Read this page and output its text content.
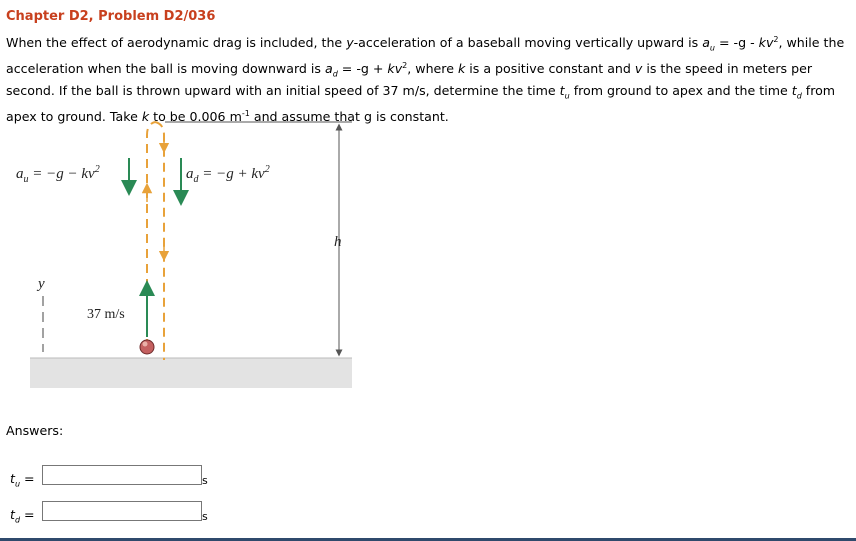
Chapter D2, Problem D2/036
When the effect of aerodynamic drag is included, the y-acceleration of a baseball moving vertically upward is $a_u = -g - kv^2$, while the acceleration when the ball is moving downward is $a_d = -g + kv^2$, where k is a positive constant and v is the speed in meters per second. If the ball is thrown upward with an initial speed of 37 m/s, determine the time $t_u$ from ground to apex and the time $t_d$ from apex to ground. Take k to be 0.006 $m^{-1}$ and assume that g is constant.
37 m/s
$a_u = -g - kv^2$	$a_d = -g + kv^2$
h
y
Answers:
$t_u$ =	s
$t_d$ =	s
